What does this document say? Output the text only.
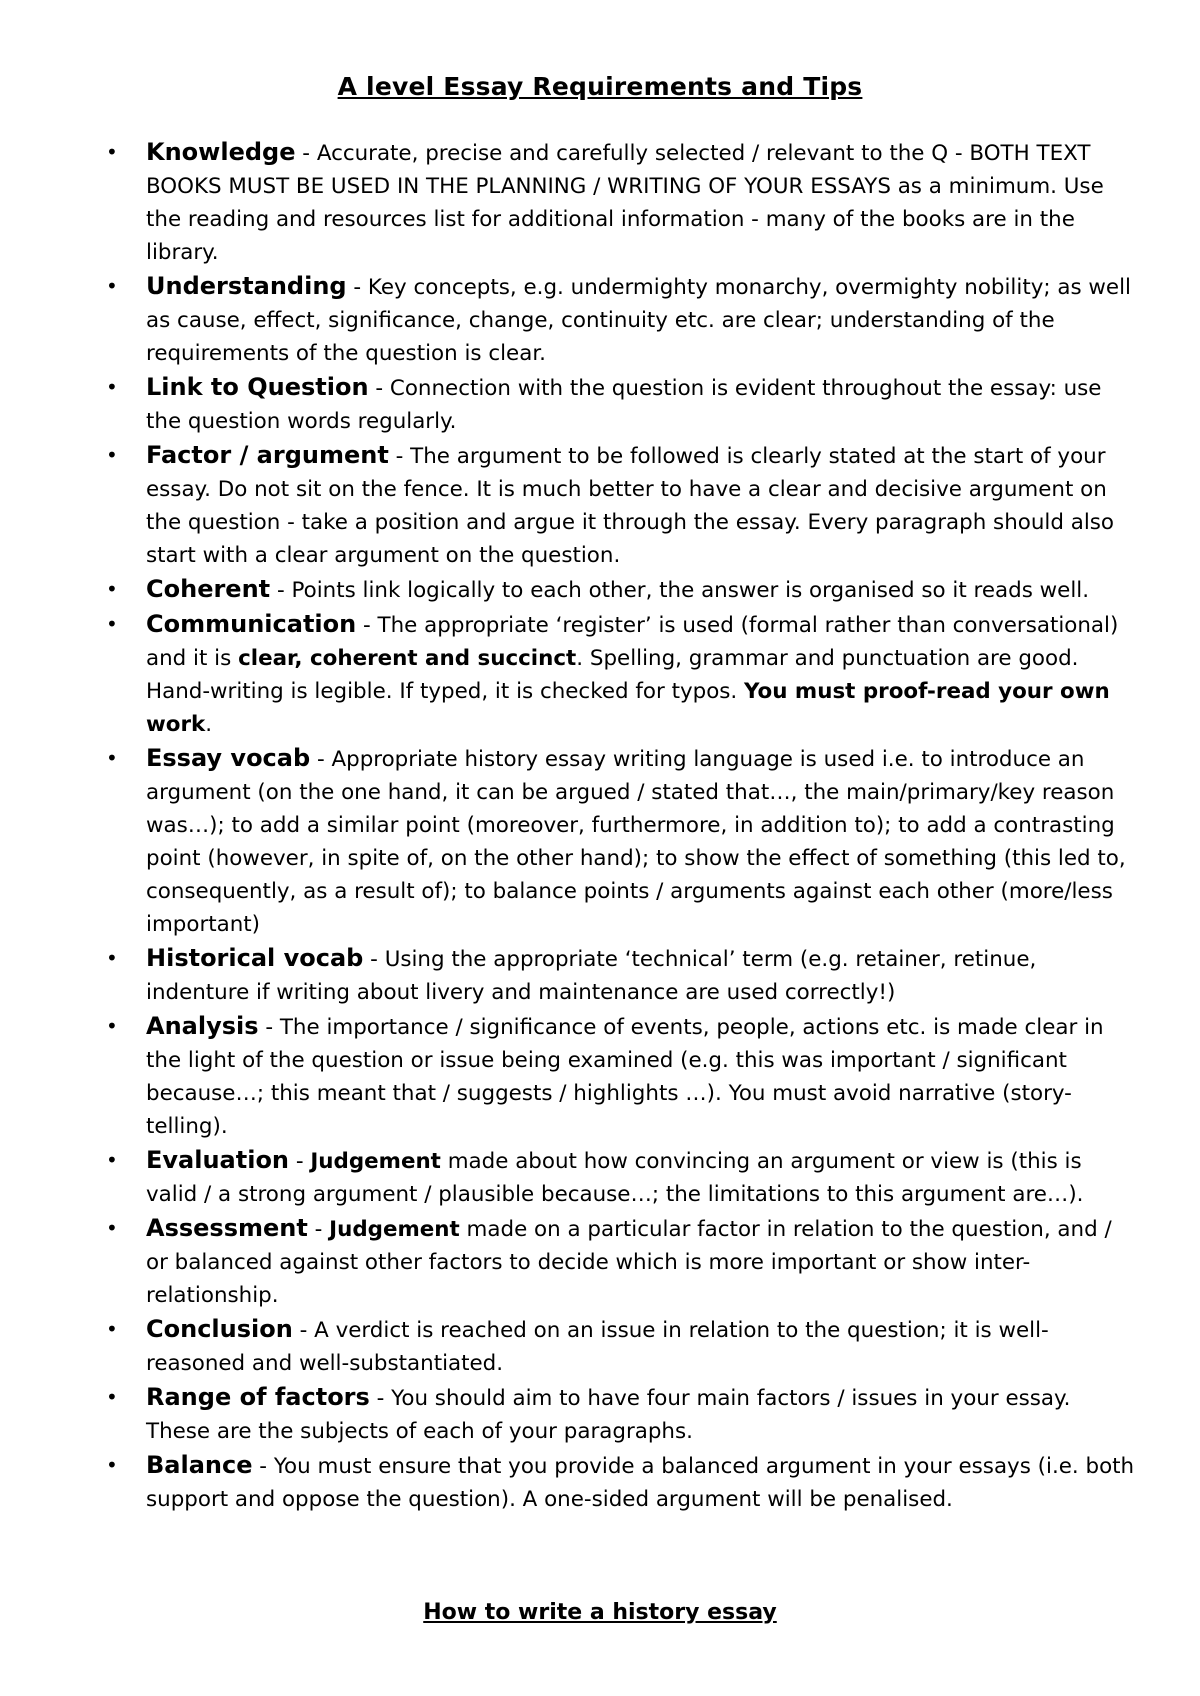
A level Essay Requirements and Tips
• Knowledge - Accurate, precise and carefully selected / relevant to the Q - BOTH TEXT BOOKS MUST BE USED IN THE PLANNING / WRITING OF YOUR ESSAYS as a minimum. Use the reading and resources list for additional information - many of the books are in the library.
• Understanding - Key concepts, e.g. undermighty monarchy, overmighty nobility; as well as cause, effect, significance, change, continuity etc. are clear; understanding of the requirements of the question is clear.
• Link to Question - Connection with the question is evident throughout the essay: use the question words regularly.
• Factor / argument - The argument to be followed is clearly stated at the start of your essay. Do not sit on the fence. It is much better to have a clear and decisive argument on the question - take a position and argue it through the essay. Every paragraph should also start with a clear argument on the question.
• Coherent - Points link logically to each other, the answer is organised so it reads well.
• Communication - The appropriate ‘register’ is used (formal rather than conversational) and it is clear, coherent and succinct. Spelling, grammar and punctuation are good. Hand-writing is legible. If typed, it is checked for typos. You must proof-read your own work.
• Essay vocab - Appropriate history essay writing language is used i.e. to introduce an argument (on the one hand, it can be argued / stated that…, the main/primary/key reason was…); to add a similar point (moreover, furthermore, in addition to); to add a contrasting point (however, in spite of, on the other hand); to show the effect of something (this led to, consequently, as a result of); to balance points / arguments against each other (more/less important)
• Historical vocab - Using the appropriate ‘technical’ term (e.g. retainer, retinue, indenture if writing about livery and maintenance are used correctly!)
• Analysis - The importance / significance of events, people, actions etc. is made clear in the light of the question or issue being examined (e.g. this was important / significant because…; this meant that / suggests / highlights …). You must avoid narrative (story-telling).
• Evaluation - Judgement made about how convincing an argument or view is (this is valid / a strong argument / plausible because…; the limitations to this argument are…).
• Assessment - Judgement made on a particular factor in relation to the question, and / or balanced against other factors to decide which is more important or show inter-relationship.
• Conclusion - A verdict is reached on an issue in relation to the question; it is well-reasoned and well-substantiated.
• Range of factors - You should aim to have four main factors / issues in your essay. These are the subjects of each of your paragraphs.
• Balance - You must ensure that you provide a balanced argument in your essays (i.e. both support and oppose the question). A one-sided argument will be penalised.
How to write a history essay
